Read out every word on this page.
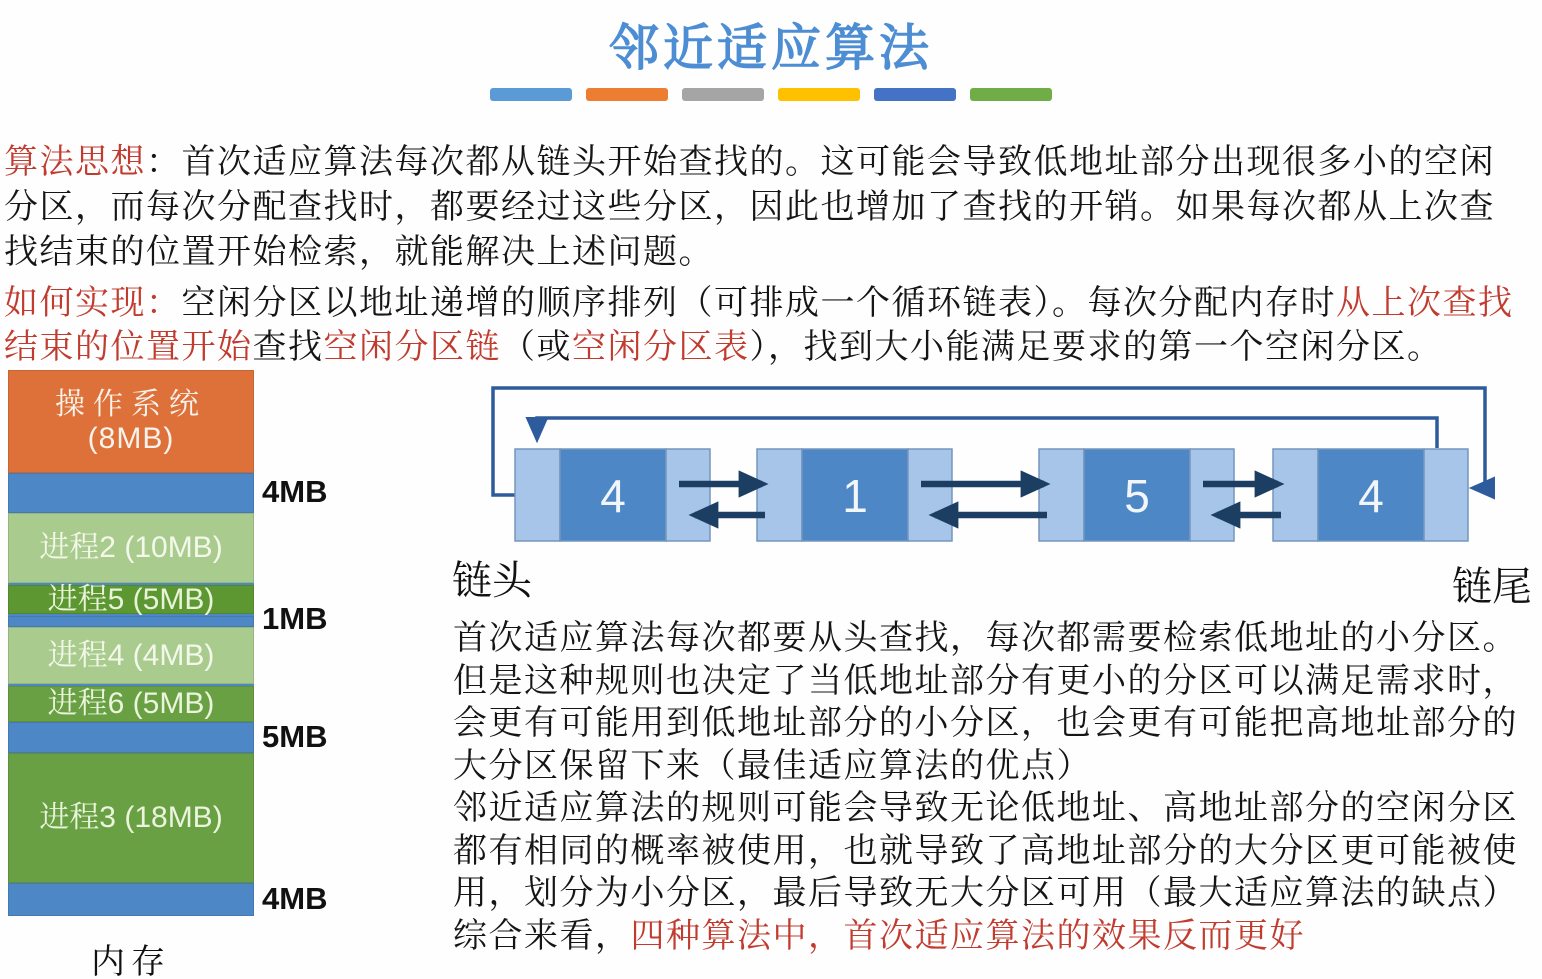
邻近适应算法

算法思想：首次适应算法每次都从链头开始查找的。这可能会导致低地址部分出现很多小的空闲分区，而每次分配查找时，都要经过这些分区，因此也增加了查找的开销。如果每次都从上次查找结束的位置开始检索，就能解决上述问题。

如何实现：空闲分区以地址递增的顺序排列（可排成一个循环链表）。每次分配内存时从上次查找结束的位置开始查找空闲分区链（或空闲分区表），找到大小能满足要求的第一个空闲分区。

操作系统
(8MB)
进程2 (10MB)
进程5 (5MB)
进程4 (4MB)
进程6 (5MB)
进程3 (18MB)

4MB

1MB

5MB

4MB

内存

4	1	5	4
链头	链尾

首次适应算法每次都要从头查找，每次都需要检索低地址的小分区。但是这种规则也决定了当低地址部分有更小的分区可以满足需求时，会更有可能用到低地址部分的小分区，也会更有可能把高地址部分的大分区保留下来（最佳适应算法的优点）

邻近适应算法的规则可能会导致无论低地址、高地址部分的空闲分区都有相同的概率被使用，也就导致了高地址部分的大分区更可能被使用，划分为小分区，最后导致无大分区可用（最大适应算法的缺点）

综合来看，四种算法中，首次适应算法的效果反而更好
